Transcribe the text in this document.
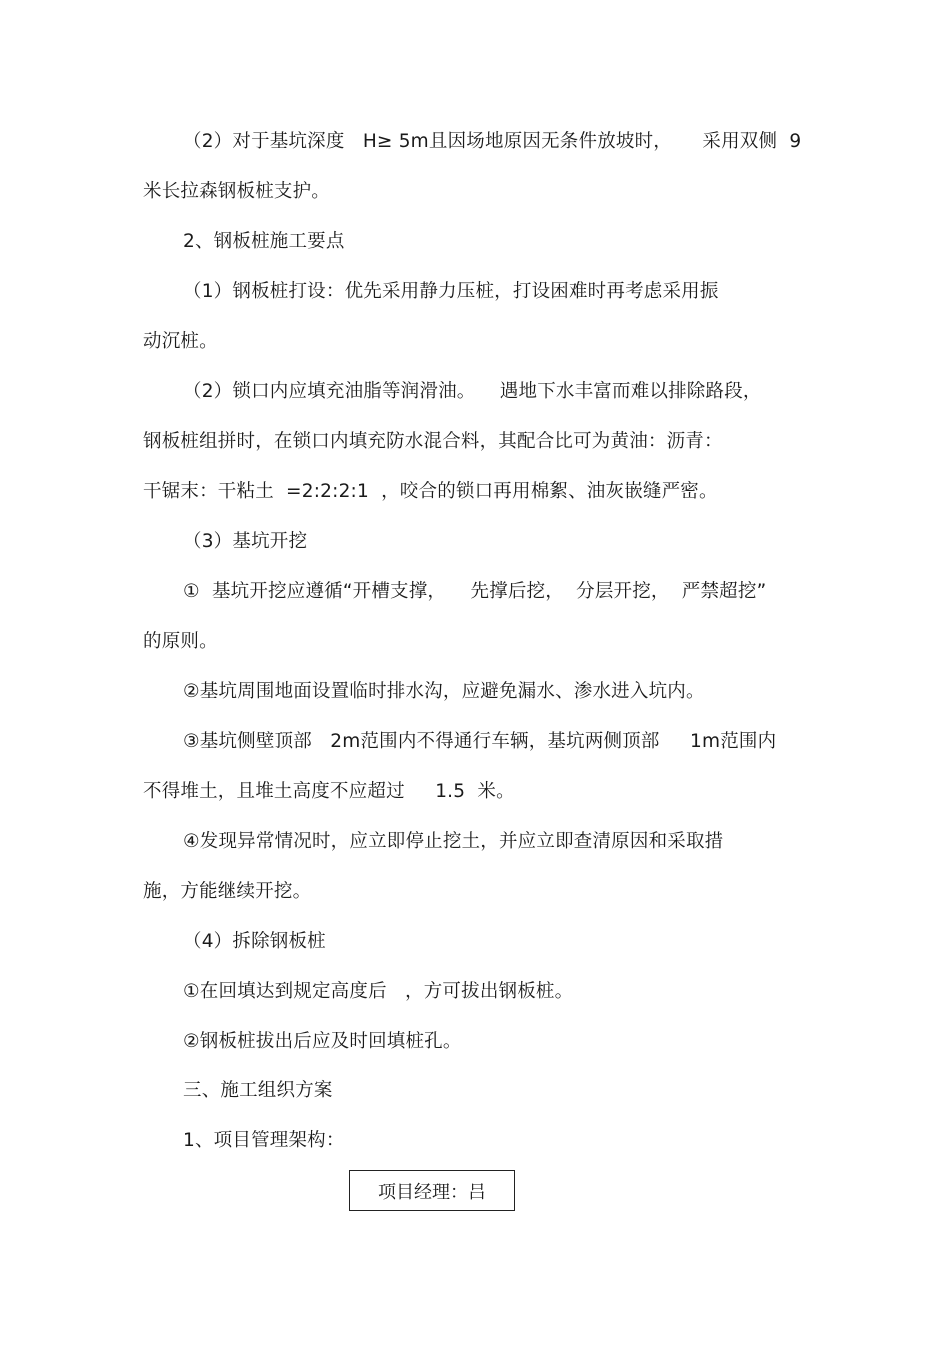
（2）对于基坑深度   H≥ 5m且因场地原因无条件放坡时，     采用双侧  9
米长拉森钢板桩支护。
2、钢板桩施工要点
（1）钢板桩打设：优先采用静力压桩，打设困难时再考虑采用振
动沉桩。
（2）锁口内应填充油脂等润滑油。    遇地下水丰富而难以排除路段，
钢板桩组拼时，在锁口内填充防水混合料，其配合比可为黄油：沥青：
干锯末：干粘土  =2:2:2:1  ，咬合的锁口再用棉絮、油灰嵌缝严密。
（3）基坑开挖
①  基坑开挖应遵循“开槽支撑，    先撑后挖，  分层开挖，  严禁超挖”
的原则。
②基坑周围地面设置临时排水沟，应避免漏水、渗水进入坑内。
③基坑侧壁顶部   2m范围内不得通行车辆，基坑两侧顶部     1m范围内
不得堆土，且堆土高度不应超过     1.5  米。
④发现异常情况时，应立即停止挖土，并应立即查清原因和采取措
施，方能继续开挖。
（4）拆除钢板桩
①在回填达到规定高度后   ，方可拔出钢板桩。
②钢板桩拔出后应及时回填桩孔。
三、施工组织方案
1、项目管理架构：
项目经理：吕
